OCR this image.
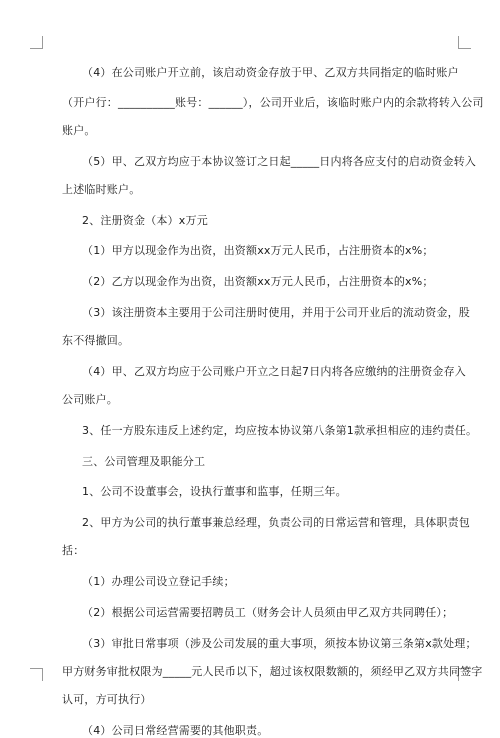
（4）在公司账户开立前，该启动资金存放于甲、乙双方共同指定的临时账户
（开户行：__________账号：______），公司开业后，该临时账户内的余款将转入公司
账户。
（5）甲、乙双方均应于本协议签订之日起_____日内将各应支付的启动资金转入
上述临时账户。
2、注册资金（本）x万元
（1）甲方以现金作为出资，出资额xx万元人民币，占注册资本的x%；
（2）乙方以现金作为出资，出资额xx万元人民币，占注册资本的x%；
（3）该注册资本主要用于公司注册时使用，并用于公司开业后的流动资金，股
东不得撤回。
（4）甲、乙双方均应于公司账户开立之日起7日内将各应缴纳的注册资金存入
公司账户。
3、任一方股东违反上述约定，均应按本协议第八条第1款承担相应的违约责任。
三、公司管理及职能分工
1、公司不设董事会，设执行董事和监事，任期三年。
2、甲方为公司的执行董事兼总经理，负责公司的日常运营和管理，具体职责包
括：
（1）办理公司设立登记手续；
（2）根据公司运营需要招聘员工（财务会计人员须由甲乙双方共同聘任）；
（3）审批日常事项（涉及公司发展的重大事项，须按本协议第三条第x款处理；
甲方财务审批权限为_____元人民币以下，超过该权限数额的，须经甲乙双方共同签字
认可，方可执行）
（4）公司日常经营需要的其他职责。
